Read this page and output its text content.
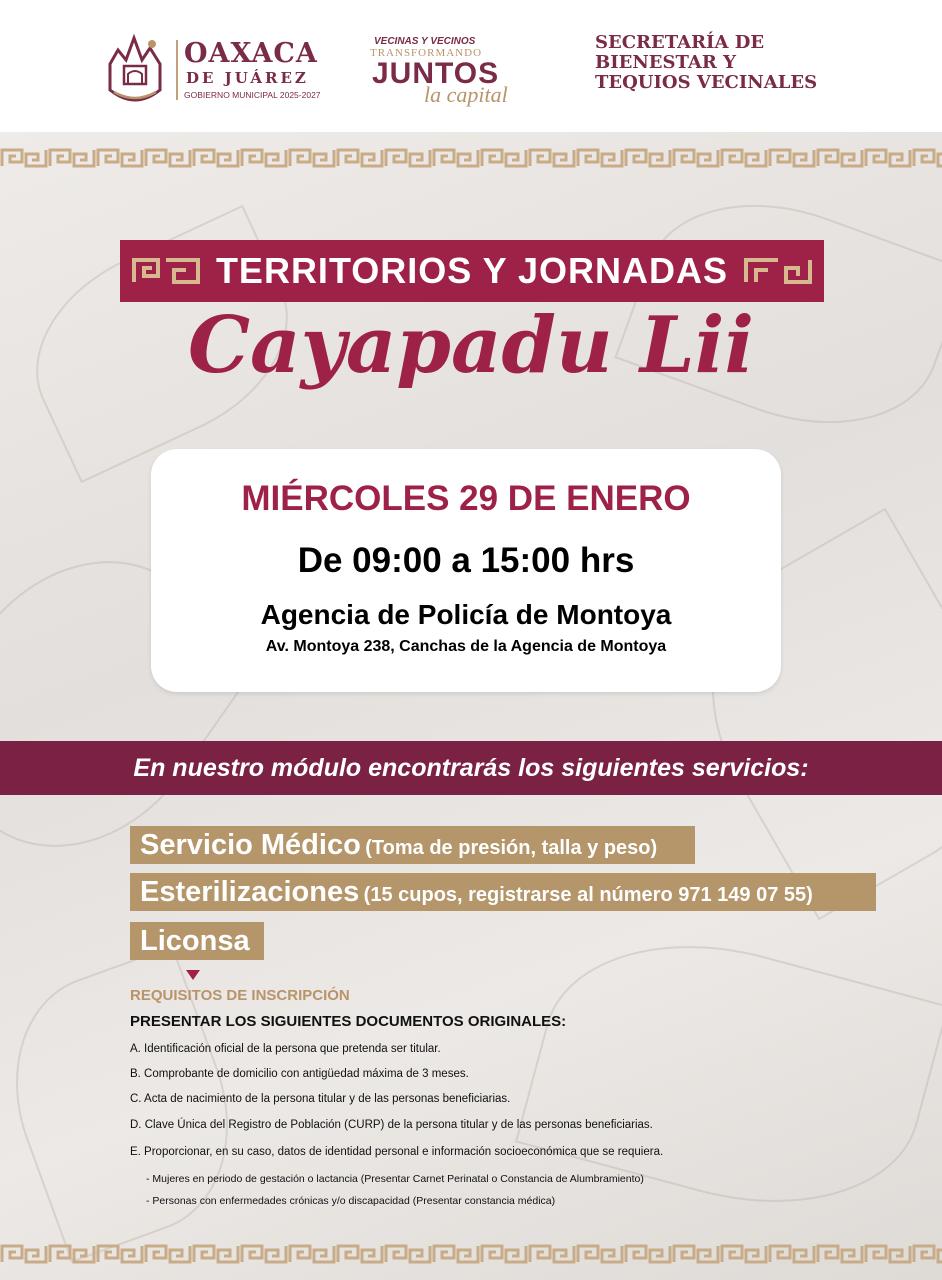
OAXACA
DE JUÁREZ
GOBIERNO MUNICIPAL 2025-2027
VECINAS Y VECINOS
TRANSFORMANDO
JUNTOS
la capital
SECRETARÍA DE
BIENESTAR Y
TEQUIOS VECINALES
TERRITORIOS Y JORNADAS
Cayapadu Lii
MIÉRCOLES 29 DE ENERO
De 09:00 a 15:00 hrs
Agencia de Policía de Montoya
Av. Montoya 238, Canchas de la Agencia de Montoya
En nuestro módulo encontrarás los siguientes servicios:
Servicio Médico (Toma de presión, talla y peso)
Esterilizaciones (15 cupos, registrarse al número 971 149 07 55)
Liconsa
REQUISITOS DE INSCRIPCIÓN
PRESENTAR LOS SIGUIENTES DOCUMENTOS ORIGINALES:
A. Identificación oficial de la persona que pretenda ser titular.
B. Comprobante de domicilio con antigüedad máxima de 3 meses.
C. Acta de nacimiento de la persona titular y de las personas beneficiarias.
D. Clave Única del Registro de Población (CURP) de la persona titular y de las personas beneficiarias.
E. Proporcionar, en su caso, datos de identidad personal e información socioeconómica que se requiera.
- Mujeres en periodo de gestación o lactancia (Presentar Carnet Perinatal o Constancia de Alumbramiento)
- Personas con enfermedades crónicas y/o discapacidad (Presentar constancia médica)
